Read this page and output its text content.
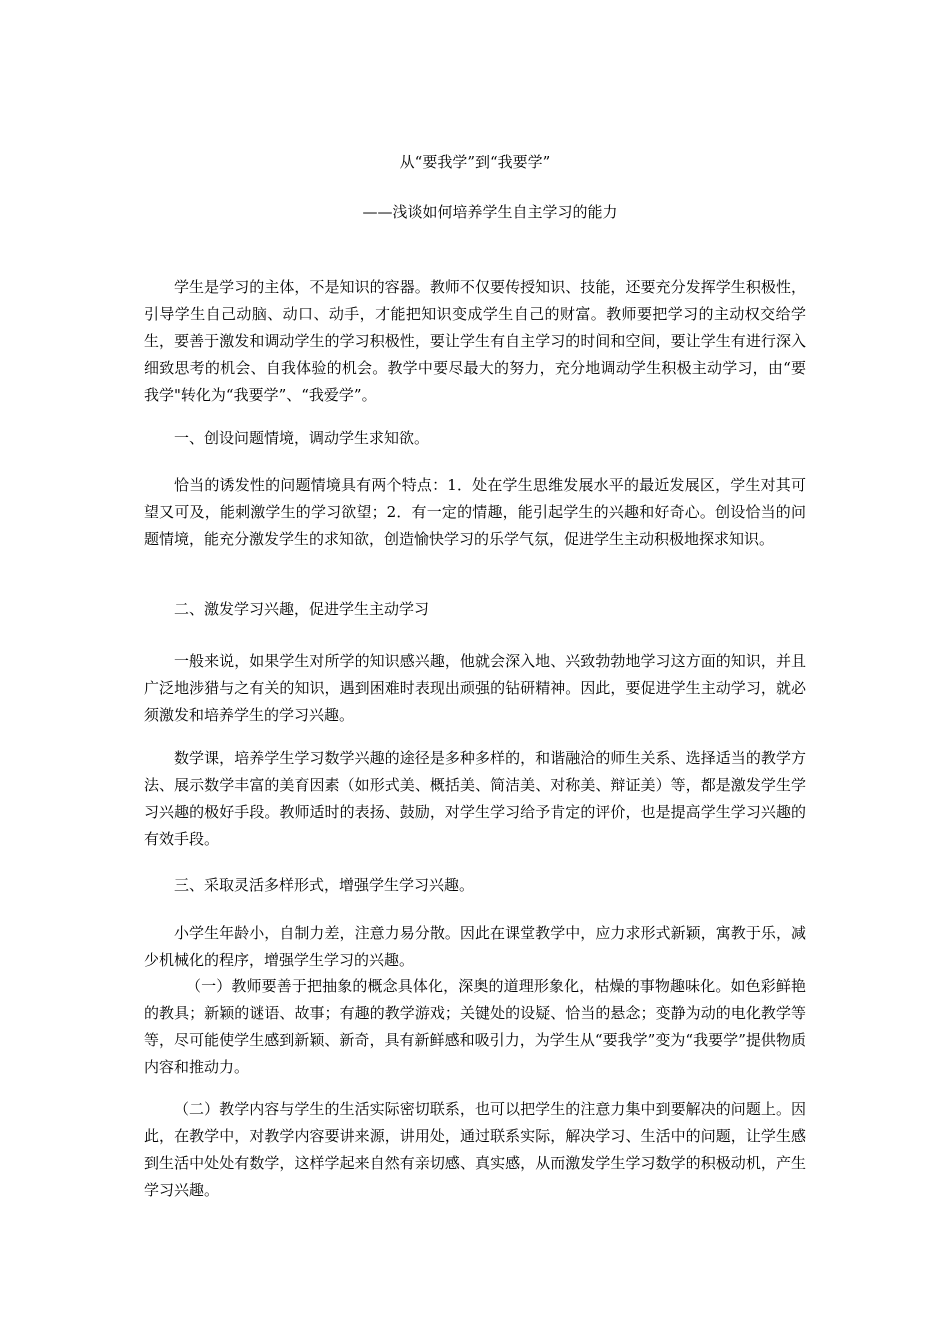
从“要我学”到“我要学”
——浅谈如何培养学生自主学习的能力

学生是学习的主体，不是知识的容器。教师不仅要传授知识、技能，还要充分发挥学生积极性，引导学生自己动脑、动口、动手，才能把知识变成学生自己的财富。教师要把学习的主动权交给学生，要善于激发和调动学生的学习积极性，要让学生有自主学习的时间和空间，要让学生有进行深入细致思考的机会、自我体验的机会。教学中要尽最大的努力，充分地调动学生积极主动学习，由“要我学"转化为“我要学”、“我爱学”。

一、创设问题情境，调动学生求知欲。

恰当的诱发性的问题情境具有两个特点：1．处在学生思维发展水平的最近发展区，学生对其可望又可及，能刺激学生的学习欲望；2．有一定的情趣，能引起学生的兴趣和好奇心。创设恰当的问题情境，能充分激发学生的求知欲，创造愉快学习的乐学气氛，促进学生主动积极地探求知识。

二、激发学习兴趣，促进学生主动学习

一般来说，如果学生对所学的知识感兴趣，他就会深入地、兴致勃勃地学习这方面的知识，并且广泛地涉猎与之有关的知识，遇到困难时表现出顽强的钻研精神。因此，要促进学生主动学习，就必须激发和培养学生的学习兴趣。

数学课，培养学生学习数学兴趣的途径是多种多样的，和谐融洽的师生关系、选择适当的教学方法、展示数学丰富的美育因素（如形式美、概括美、简洁美、对称美、辩证美）等，都是激发学生学习兴趣的极好手段。教师适时的表扬、鼓励，对学生学习给予肯定的评价，也是提高学生学习兴趣的有效手段。

三、采取灵活多样形式，增强学生学习兴趣。

小学生年龄小，自制力差，注意力易分散。因此在课堂教学中，应力求形式新颖，寓教于乐，减少机械化的程序，增强学生学习的兴趣。

（一）教师要善于把抽象的概念具体化，深奥的道理形象化，枯燥的事物趣味化。如色彩鲜艳的教具；新颖的谜语、故事；有趣的教学游戏；关键处的设疑、恰当的悬念；变静为动的电化教学等等，尽可能使学生感到新颖、新奇，具有新鲜感和吸引力，为学生从“要我学”变为“我要学”提供物质内容和推动力。

（二）教学内容与学生的生活实际密切联系，也可以把学生的注意力集中到要解决的问题上。因此，在教学中，对教学内容要讲来源，讲用处，通过联系实际，解决学习、生活中的问题，让学生感到生活中处处有数学，这样学起来自然有亲切感、真实感，从而激发学生学习数学的积极动机，产生学习兴趣。
